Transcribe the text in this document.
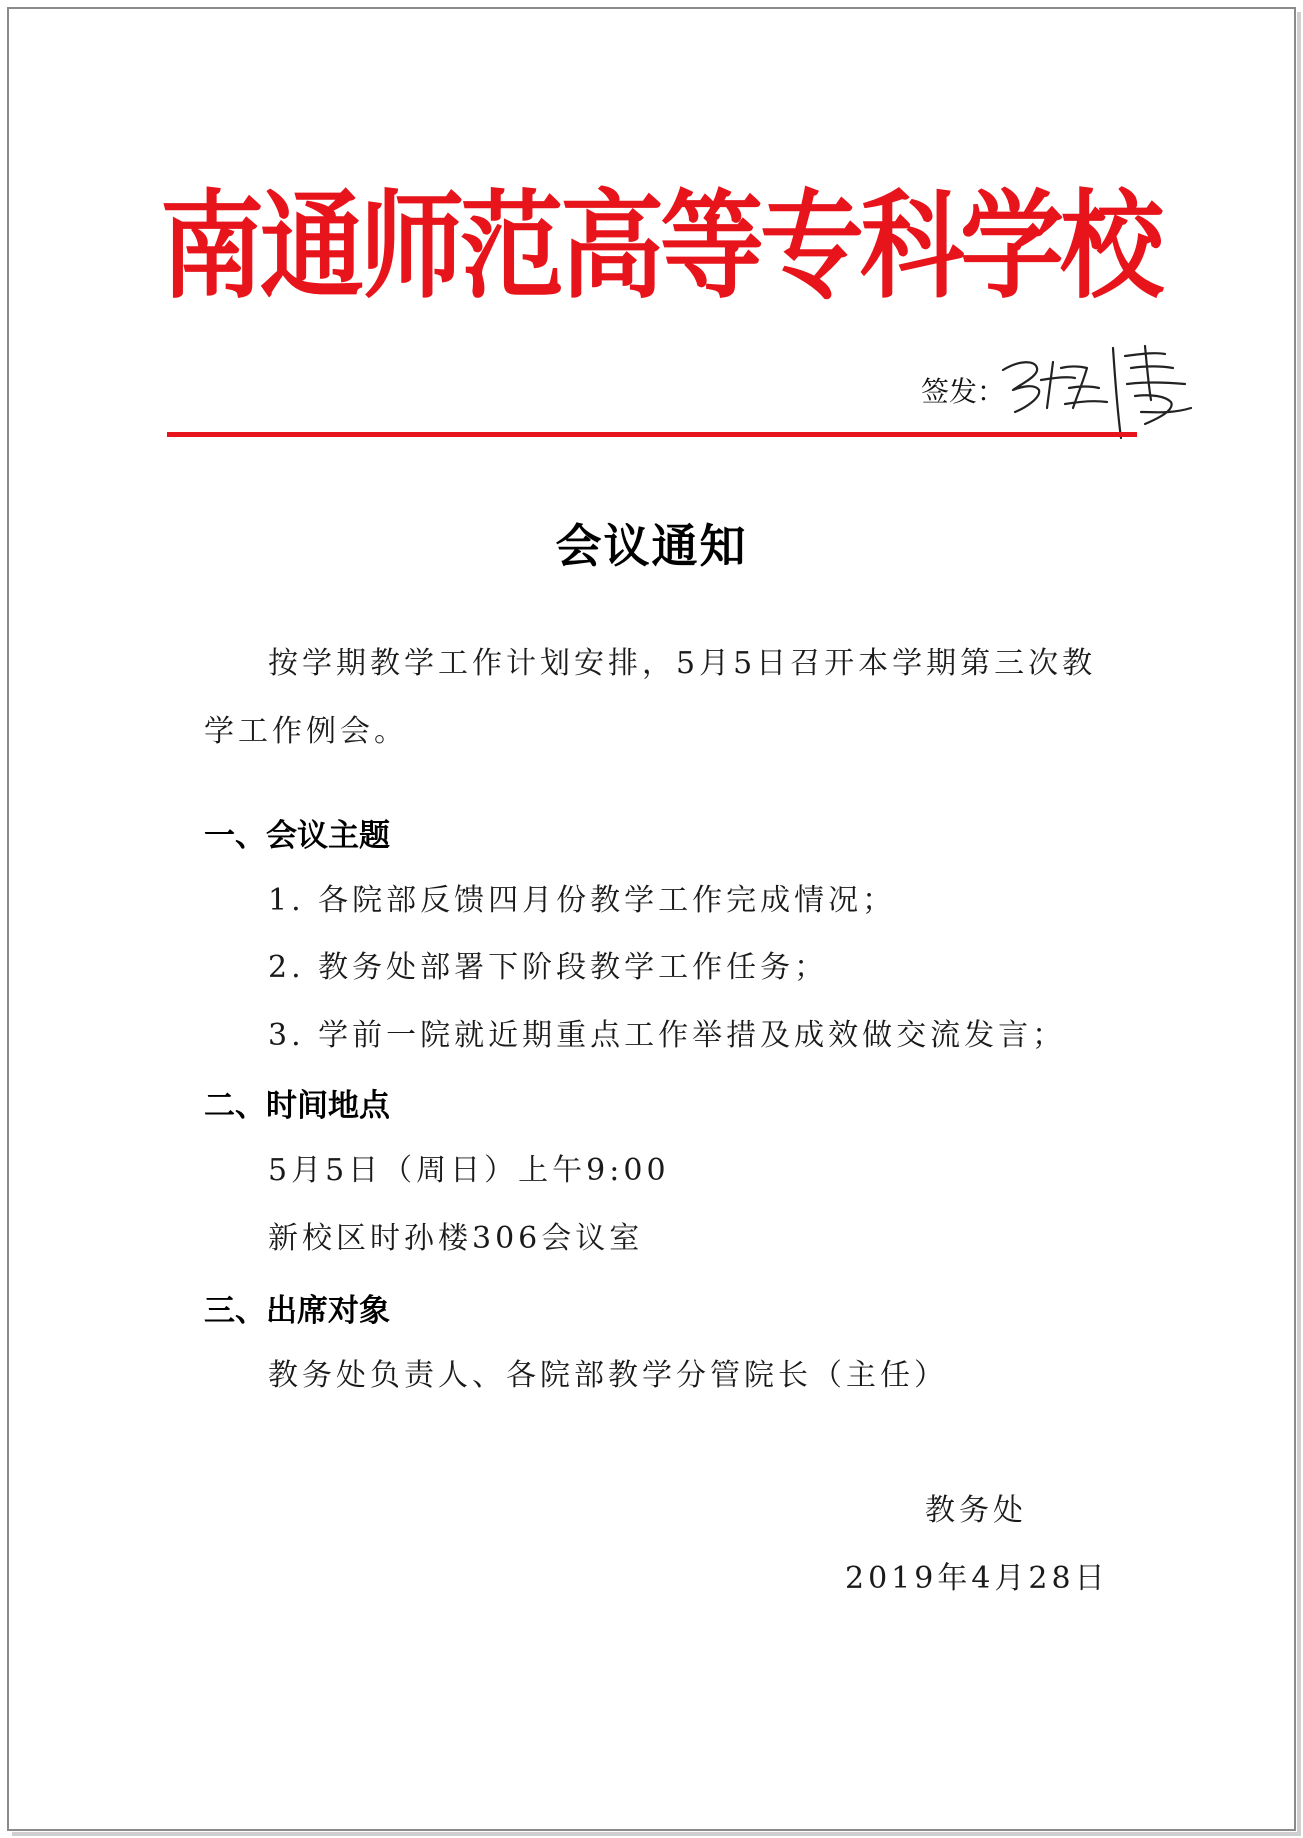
南通师范高等专科学校
签发：
会议通知
按学期教学工作计划安排，5月5日召开本学期第三次教学工作例会。
一、会议主题
1. 各院部反馈四月份教学工作完成情况；
2. 教务处部署下阶段教学工作任务；
3. 学前一院就近期重点工作举措及成效做交流发言；
二、时间地点
5月5日（周日）上午9:00
新校区时孙楼306会议室
三、出席对象
教务处负责人、各院部教学分管院长（主任）
教务处
2019年4月28日
